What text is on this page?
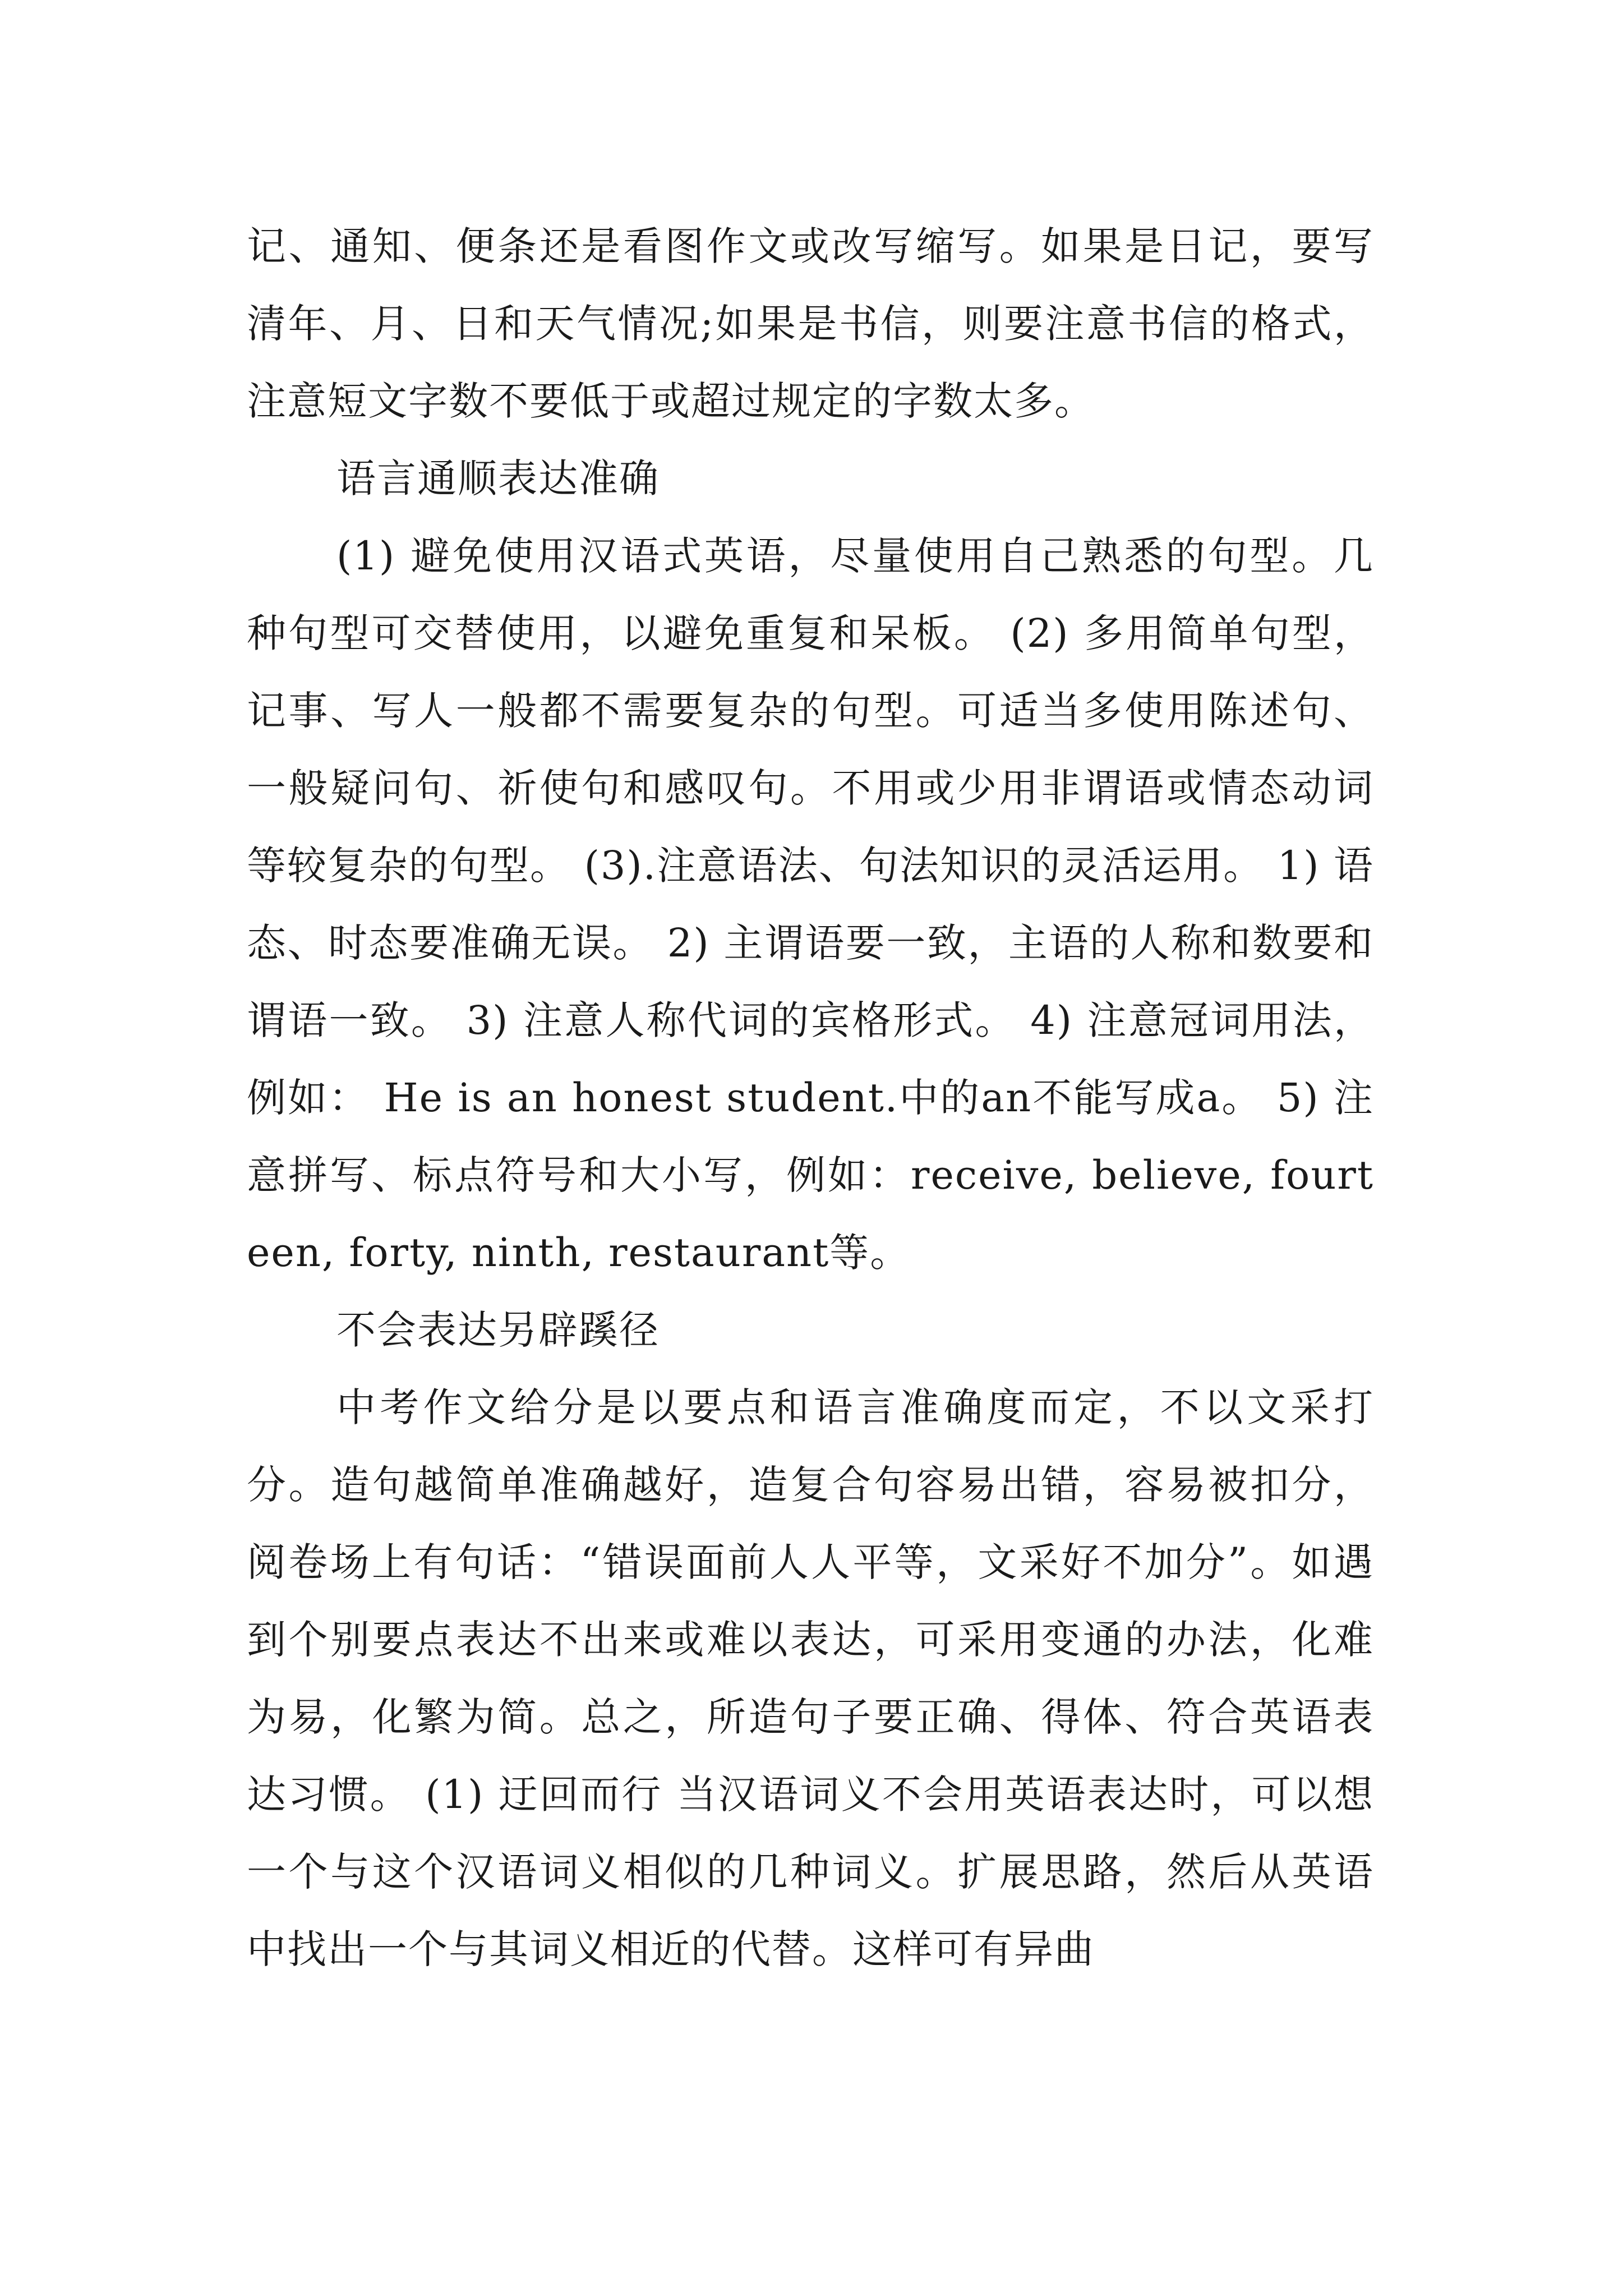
记、通知、便条还是看图作文或改写缩写。如果是日记，要写清年、月、日和天气情况;如果是书信，则要注意书信的格式，注意短文字数不要低于或超过规定的字数太多。

语言通顺表达准确

(1) 避免使用汉语式英语，尽量使用自己熟悉的句型。几种句型可交替使用，以避免重复和呆板。 (2) 多用简单句型，记事、写人一般都不需要复杂的句型。可适当多使用陈述句、一般疑问句、祈使句和感叹句。不用或少用非谓语或情态动词等较复杂的句型。 (3).注意语法、句法知识的灵活运用。 1) 语态、时态要准确无误。 2) 主谓语要一致，主语的人称和数要和谓语一致。 3) 注意人称代词的宾格形式。 4) 注意冠词用法，例如： He is an honest student.中的an不能写成a。 5) 注意拼写、标点符号和大小写，例如：receive, believe, fourteen, forty, ninth, restaurant等。

不会表达另辟蹊径

中考作文给分是以要点和语言准确度而定，不以文采打分。造句越简单准确越好，造复合句容易出错，容易被扣分，阅卷场上有句话：“错误面前人人平等，文采好不加分”。如遇到个别要点表达不出来或难以表达，可采用变通的办法，化难为易，化繁为简。总之，所造句子要正确、得体、符合英语表达习惯。 (1) 迂回而行 当汉语词义不会用英语表达时，可以想一个与这个汉语词义相似的几种词义。扩展思路，然后从英语中找出一个与其词义相近的代替。这样可有异曲
